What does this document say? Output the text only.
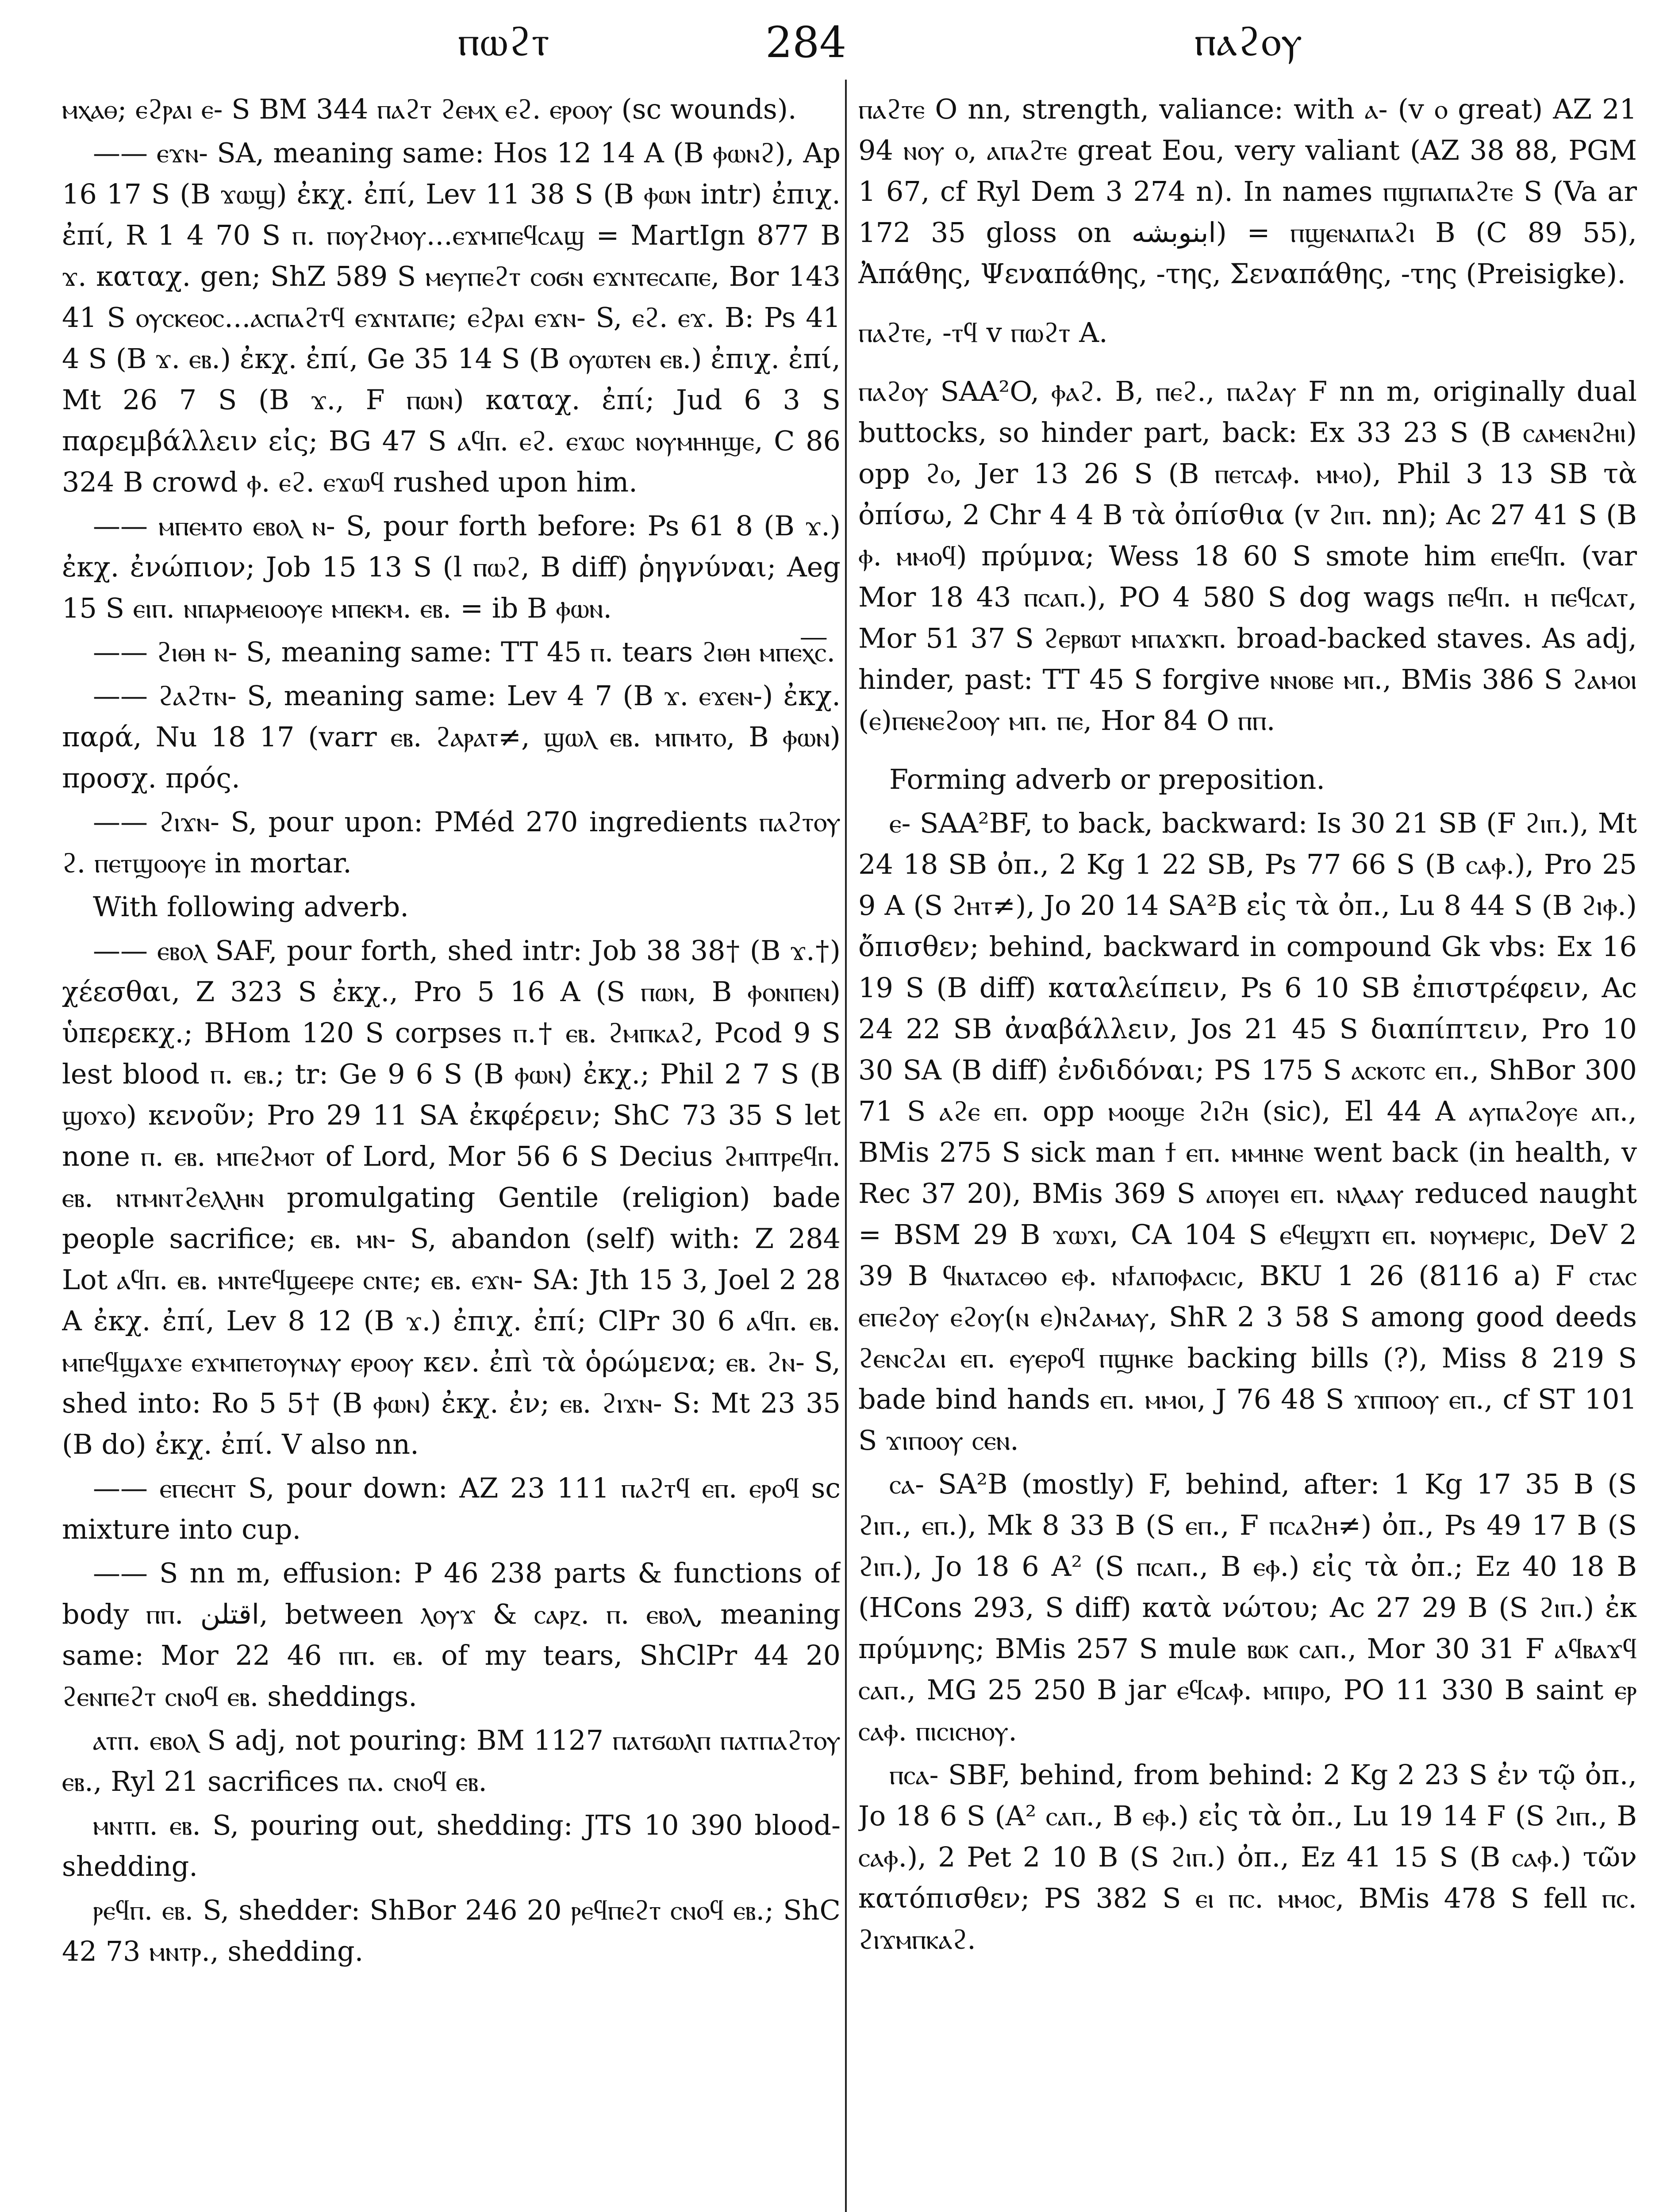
ⲡⲱϩⲧ	284	ⲡⲁϩⲟⲩ

ⲙⲭⲁⲑ; ⲉϩⲣⲁⲓ ⲉ- S BM 344 ⲡⲁϩⲧ ϩⲉⲙⲭ ⲉϩ. ⲉⲣⲟⲟⲩ (sc wounds).

—— ⲉϫⲛ- SA, meaning same: Hos 12 14 A (B ⲫⲱⲛϩ), Ap 16 17 S (B ϫⲱϣ) ἐκχ. ἐπί, Lev 11 38 S (B ⲫⲱⲛ intr) ἐπιχ. ἐπί, R 1 4 70 S ⲡ. ⲡⲟⲩϩⲙⲟⲩ...ⲉϫⲙⲡⲉϥⲥⲁϣ = MartIgn 877 B ϫ. καταχ. gen; ShZ 589 S ⲙⲉⲩⲡⲉϩⲧ ⲥⲟϭⲛ ⲉϫⲛⲧⲉⲥⲁⲡⲉ, Bor 143 41 S ⲟⲩⲥⲕⲉⲟⲥ...ⲁⲥⲡⲁϩⲧϥ ⲉϫⲛⲧⲁⲡⲉ; ⲉϩⲣⲁⲓ ⲉϫⲛ- S, ⲉϩ. ⲉϫ. B: Ps 41 4 S (B ϫ. ⲉⲃ.) ἐκχ. ἐπί, Ge 35 14 S (B ⲟⲩⲱⲧⲉⲛ ⲉⲃ.) ἐπιχ. ἐπί, Mt 26 7 S (B ϫ., F ⲡⲱⲛ) καταχ. ἐπί; Jud 6 3 S παρεμβάλλειν εἰς; BG 47 S ⲁϥⲡ. ⲉϩ. ⲉϫⲱⲥ ⲛⲟⲩⲙⲏⲏϣⲉ, C 86 324 B crowd ⲫ. ⲉϩ. ⲉϫⲱϥ rushed upon him.

—— ⲙⲡⲉⲙⲧⲟ ⲉⲃⲟⲗ ⲛ- S, pour forth before: Ps 61 8 (B ϫ.) ἐκχ. ἐνώπιον; Job 15 13 S (l ⲡⲱϩ, B diff) ῥηγνύναι; Aeg 15 S ⲉⲓⲡ. ⲛⲡⲁⲣⲙⲉⲓⲟⲟⲩⲉ ⲙⲡⲉⲕⲙ. ⲉⲃ. = ib B ⲫⲱⲛ.

—— ϩⲓⲑⲏ ⲛ- S, meaning same: TT 45 ⲡ. tears ϩⲓⲑⲏ ⲙⲡⲉⲭ︦ⲥ︦.

—— ϩⲁϩⲧⲛ- S, meaning same: Lev 4 7 (B ϫ. ⲉϫⲉⲛ-) ἐκχ. παρά, Nu 18 17 (varr ⲉⲃ. ϩⲁⲣⲁⲧ≠, ϣⲱⲗ ⲉⲃ. ⲙⲡⲙⲧⲟ, B ⲫⲱⲛ) προσχ. πρός.

—— ϩⲓϫⲛ- S, pour upon: PMéd 270 ingredients ⲡⲁϩⲧⲟⲩ ϩ. ⲡⲉⲧϣⲟⲟⲩⲉ in mortar.

With following adverb.

—— ⲉⲃⲟⲗ SAF, pour forth, shed intr: Job 38 38† (B ϫ.†) χέεσθαι, Z 323 S ἐκχ., Pro 5 16 A (S ⲡⲱⲛ, B ⲫⲟⲛⲡⲉⲛ) ὑπερεκχ.; BHom 120 S corpses ⲡ.† ⲉⲃ. ϩⲙⲡⲕⲁϩ, Pcod 9 S lest blood ⲡ. ⲉⲃ.; tr: Ge 9 6 S (B ⲫⲱⲛ) ἐκχ.; Phil 2 7 S (B ϣⲟϫⲟ) κενοῦν; Pro 29 11 SA ἐκφέρειν; ShC 73 35 S let none ⲡ. ⲉⲃ. ⲙⲡⲉϩⲙⲟⲧ of Lord, Mor 56 6 S Decius ϩⲙⲡⲧⲣⲉϥⲡ. ⲉⲃ. ⲛⲧⲙⲛⲧϩⲉⲗⲗⲏⲛ promulgating Gentile (religion) bade people sacrifice; ⲉⲃ. ⲙⲛ- S, abandon (self) with: Z 284 Lot ⲁϥⲡ. ⲉⲃ. ⲙⲛⲧⲉϥϣⲉⲉⲣⲉ ⲥⲛⲧⲉ; ⲉⲃ. ⲉϫⲛ- SA: Jth 15 3, Joel 2 28 A ἐκχ. ἐπί, Lev 8 12 (B ϫ.) ἐπιχ. ἐπί; ClPr 30 6 ⲁϥⲡ. ⲉⲃ. ⲙⲡⲉϥϣⲁϫⲉ ⲉϫⲙⲡⲉⲧⲟⲩⲛⲁⲩ ⲉⲣⲟⲟⲩ κεν. ἐπὶ τὰ ὁρώμενα; ⲉⲃ. ϩⲛ- S, shed into: Ro 5 5† (B ⲫⲱⲛ) ἐκχ. ἐν; ⲉⲃ. ϩⲓϫⲛ- S: Mt 23 35 (B do) ἐκχ. ἐπί. V also nn.

—— ⲉⲡⲉⲥⲏⲧ S, pour down: AZ 23 111 ⲡⲁϩⲧϥ ⲉⲡ. ⲉⲣⲟϥ sc mixture into cup.

—— S nn m, effusion: P 46 238 parts & functions of body ⲡⲡ. اقتلن, between ⲗⲟⲩϫ & ⲥⲁⲣⲍ. ⲡ. ⲉⲃⲟⲗ, meaning same: Mor 22 46 ⲡⲡ. ⲉⲃ. of my tears, ShClPr 44 20 ϩⲉⲛⲡⲉϩⲧ ⲥⲛⲟϥ ⲉⲃ. sheddings.

ⲁⲧⲡ. ⲉⲃⲟⲗ S adj, not pouring: BM 1127 ⲡⲁⲧϭⲱⲗⲡ ⲡⲁⲧⲡⲁϩⲧⲟⲩ ⲉⲃ., Ryl 21 sacrifices ⲡⲁ. ⲥⲛⲟϥ ⲉⲃ.

ⲙⲛⲧⲡ. ⲉⲃ. S, pouring out, shedding: JTS 10 390 blood-shedding.

ⲣⲉϥⲡ. ⲉⲃ. S, shedder: ShBor 246 20 ⲣⲉϥⲡⲉϩⲧ ⲥⲛⲟϥ ⲉⲃ.; ShC 42 73 ⲙⲛⲧⲣ., shedding.

ⲡⲁϩⲧⲉ O nn, strength, valiance: with ⲁ- (v ⲟ great) AZ 21 94 ⲛⲟⲩ ⲟ, ⲁⲡⲁϩⲧⲉ great Eou, very valiant (AZ 38 88, PGM 1 67, cf Ryl Dem 3 274 n). In names ⲡϣⲡⲁⲡⲁϩⲧⲉ S (Va ar 172 35 gloss on ابنوبشه) = ⲡϣⲉⲛⲁⲡⲁϩⲓ B (C 89 55), Ἀπάθης, Ψεναπάθης, -της, Σεναπάθης, -της (Preisigke).

ⲡⲁϩⲧⲉ, -ⲧϥ v ⲡⲱϩⲧ A.

ⲡⲁϩⲟⲩ SAA²O, ⲫⲁϩ. B, ⲡⲉϩ., ⲡⲁϩⲁⲩ F nn m, originally dual buttocks, so hinder part, back: Ex 33 23 S (B ⲥⲁⲙⲉⲛϩⲏⲓ) opp ϩⲟ, Jer 13 26 S (B ⲡⲉⲧⲥⲁⲫ. ⲙⲙⲟ), Phil 3 13 SB τὰ ὀπίσω, 2 Chr 4 4 B τὰ ὀπίσθια (v ϩⲓⲡ. nn); Ac 27 41 S (B ⲫ. ⲙⲙⲟϥ) πρύμνα; Wess 18 60 S smote him ⲉⲡⲉϥⲡ. (var Mor 18 43 ⲡⲥⲁⲡ.), PO 4 580 S dog wags ⲡⲉϥⲡ. ⲏ ⲡⲉϥⲥⲁⲧ, Mor 51 37 S ϩⲉⲣⲃⲱⲧ ⲙⲡⲁϫⲕⲡ. broad-backed staves. As adj, hinder, past: TT 45 S forgive ⲛⲛⲟⲃⲉ ⲙⲡ., BMis 386 S ϩⲁⲙⲟⲓ (ⲉ)ⲡⲉⲛⲉϩⲟⲟⲩ ⲙⲡ. ⲡⲉ, Hor 84 O ⲡⲡ.

Forming adverb or preposition.

ⲉ- SAA²BF, to back, backward: Is 30 21 SB (F ϩⲓⲡ.), Mt 24 18 SB ὀπ., 2 Kg 1 22 SB, Ps 77 66 S (B ⲥⲁⲫ.), Pro 25 9 A (S ϩⲏⲧ≠), Jo 20 14 SA²B εἰς τὰ ὀπ., Lu 8 44 S (B ϩⲓⲫ.) ὄπισθεν; behind, backward in compound Gk vbs: Ex 16 19 S (B diff) καταλείπειν, Ps 6 10 SB ἐπιστρέφειν, Ac 24 22 SB ἀναβάλλειν, Jos 21 45 S διαπίπτειν, Pro 10 30 SA (B diff) ἐνδιδόναι; PS 175 S ⲁⲥⲕⲟⲧⲥ ⲉⲡ., ShBor 300 71 S ⲁϩⲉ ⲉⲡ. opp ⲙⲟⲟϣⲉ ϩⲓϩⲏ (sic), El 44 A ⲁⲩⲡⲁϩⲟⲩⲉ ⲁⲡ., BMis 275 S sick man ϯ ⲉⲡ. ⲙⲙⲏⲛⲉ went back (in health, v Rec 37 20), BMis 369 S ⲁⲡⲟⲩⲉⲓ ⲉⲡ. ⲛⲗⲁⲁⲩ reduced naught = BSM 29 B ϫⲱϫⲓ, CA 104 S ⲉϥⲉϣϫⲡ ⲉⲡ. ⲛⲟⲩⲙⲉⲣⲓⲥ, DeV 2 39 B ϥⲛⲁⲧⲁⲥⲑⲟ ⲉⲫ. ⲛϯⲁⲡⲟⲫⲁⲥⲓⲥ, BKU 1 26 (8116 a) F ⲥⲧⲁⲥ ⲉⲡⲉϩⲟⲩ ⲉϩⲟⲩ(ⲛ ⲉ)ⲛϩⲁⲙⲁⲩ, ShR 2 3 58 S among good deeds ϩⲉⲛⲥϩⲁⲓ ⲉⲡ. ⲉⲩⲉⲣⲟϥ ⲡϣⲏⲕⲉ backing bills (?), Miss 8 219 S bade bind hands ⲉⲡ. ⲙⲙⲟⲓ, J 76 48 S ϫⲡⲡⲟⲟⲩ ⲉⲡ., cf ST 101 S ϫⲓⲡⲟⲟⲩ ⲥⲉⲛ.

ⲥⲁ- SA²B (mostly) F, behind, after: 1 Kg 17 35 B (S ϩⲓⲡ., ⲉⲡ.), Mk 8 33 B (S ⲉⲡ., F ⲡⲥⲁϩⲏ≠) ὀπ., Ps 49 17 B (S ϩⲓⲡ.), Jo 18 6 A² (S ⲡⲥⲁⲡ., B ⲉⲫ.) εἰς τὰ ὀπ.; Ez 40 18 B (HCons 293, S diff) κατὰ νώτου; Ac 27 29 B (S ϩⲓⲡ.) ἐκ πρύμνης; BMis 257 S mule ⲃⲱⲕ ⲥⲁⲡ., Mor 30 31 F ⲁϥⲃⲁϫϥ ⲥⲁⲡ., MG 25 250 B jar ⲉϥⲥⲁⲫ. ⲙⲡⲓⲣⲟ, PO 11 330 B saint ⲉⲣ ⲥⲁⲫ. ⲡⲓⲥⲓⲥⲏⲟⲩ.

ⲡⲥⲁ- SBF, behind, from behind: 2 Kg 2 23 S ἐν τῷ ὀπ., Jo 18 6 S (A² ⲥⲁⲡ., B ⲉⲫ.) εἰς τὰ ὀπ., Lu 19 14 F (S ϩⲓⲡ., B ⲥⲁⲫ.), 2 Pet 2 10 B (S ϩⲓⲡ.) ὀπ., Ez 41 15 S (B ⲥⲁⲫ.) τῶν κατόπισθεν; PS 382 S ⲉⲓ ⲡⲥ. ⲙⲙⲟⲥ, BMis 478 S fell ⲡⲥ. ϩⲓϫⲙⲡⲕⲁϩ.
